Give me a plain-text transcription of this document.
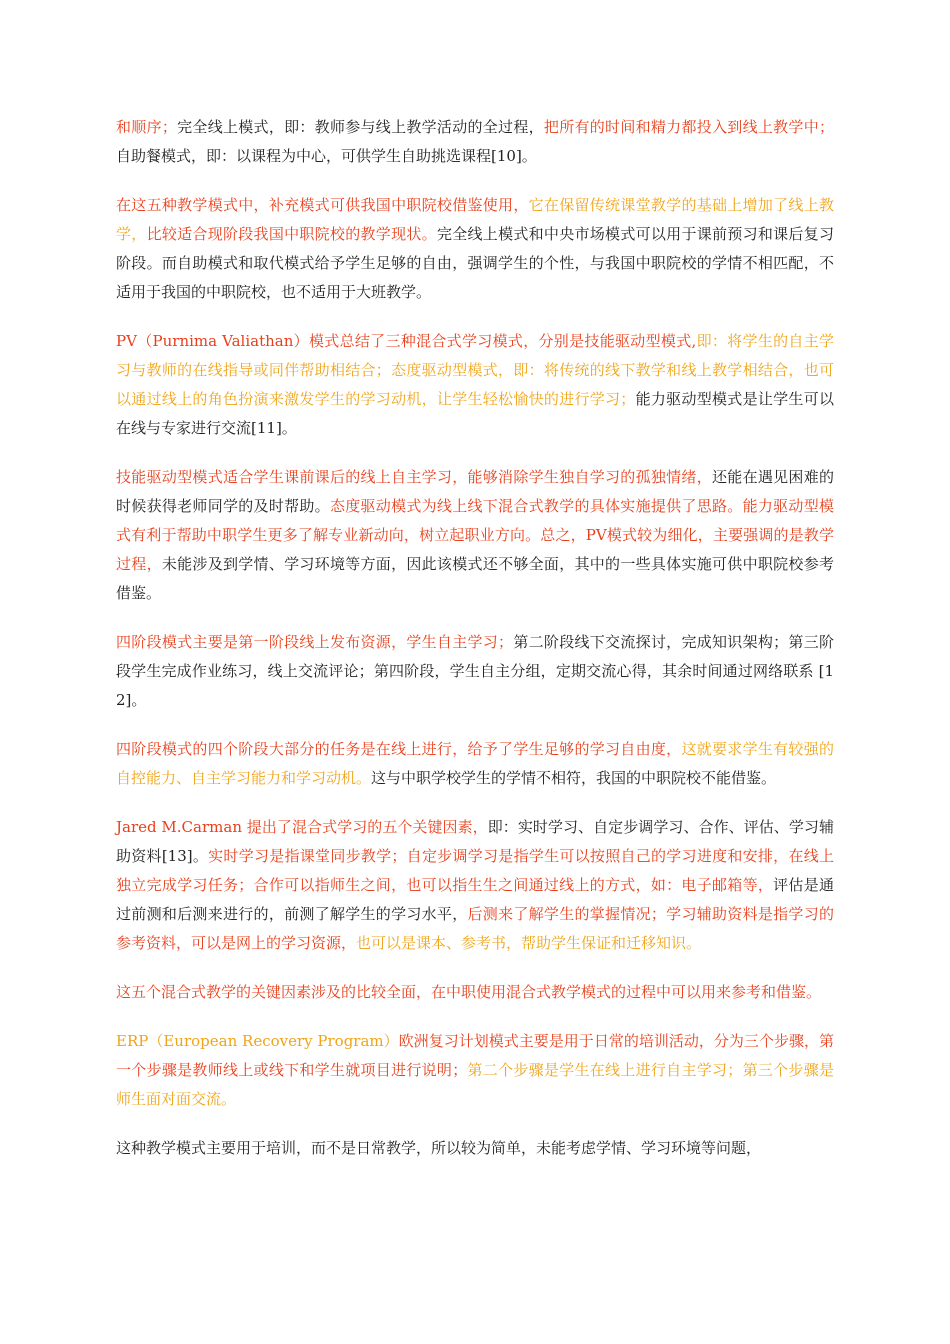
和顺序；完全线上模式，即：教师参与线上教学活动的全过程，把所有的时间和精力都投入到线上教学中；自助餐模式，即：以课程为中心，可供学生自助挑选课程[10]。

在这五种教学模式中，补充模式可供我国中职院校借鉴使用，它在保留传统课堂教学的基础上增加了线上教学，比较适合现阶段我国中职院校的教学现状。完全线上模式和中央市场模式可以用于课前预习和课后复习阶段。而自助模式和取代模式给予学生足够的自由，强调学生的个性，与我国中职院校的学情不相匹配，不适用于我国的中职院校，也不适用于大班教学。

PV（Purnima Valiathan）模式总结了三种混合式学习模式，分别是技能驱动型模式,即：将学生的自主学习与教师的在线指导或同伴帮助相结合；态度驱动型模式，即：将传统的线下教学和线上教学相结合，也可以通过线上的角色扮演来激发学生的学习动机，让学生轻松愉快的进行学习；能力驱动型模式是让学生可以在线与专家进行交流[11]。

技能驱动型模式适合学生课前课后的线上自主学习，能够消除学生独自学习的孤独情绪，还能在遇见困难的时候获得老师同学的及时帮助。态度驱动模式为线上线下混合式教学的具体实施提供了思路。能力驱动型模式有利于帮助中职学生更多了解专业新动向，树立起职业方向。总之，PV模式较为细化，主要强调的是教学过程，未能涉及到学情、学习环境等方面，因此该模式还不够全面，其中的一些具体实施可供中职院校参考借鉴。

四阶段模式主要是第一阶段线上发布资源，学生自主学习；第二阶段线下交流探讨，完成知识架构；第三阶段学生完成作业练习，线上交流评论；第四阶段，学生自主分组，定期交流心得，其余时间通过网络联系 [12]。

四阶段模式的四个阶段大部分的任务是在线上进行，给予了学生足够的学习自由度，这就要求学生有较强的自控能力、自主学习能力和学习动机。这与中职学校学生的学情不相符，我国的中职院校不能借鉴。

Jared M.Carman 提出了混合式学习的五个关键因素，即：实时学习、自定步调学习、合作、评估、学习辅助资料[13]。实时学习是指课堂同步教学；自定步调学习是指学生可以按照自己的学习进度和安排，在线上独立完成学习任务；合作可以指师生之间，也可以指生生之间通过线上的方式，如：电子邮箱等，评估是通过前测和后测来进行的，前测了解学生的学习水平，后测来了解学生的掌握情况；学习辅助资料是指学习的参考资料，可以是网上的学习资源，也可以是课本、参考书，帮助学生保证和迁移知识。

这五个混合式教学的关键因素涉及的比较全面，在中职使用混合式教学模式的过程中可以用来参考和借鉴。

ERP（European Recovery Program）欧洲复习计划模式主要是用于日常的培训活动，分为三个步骤，第一个步骤是教师线上或线下和学生就项目进行说明；第二个步骤是学生在线上进行自主学习；第三个步骤是师生面对面交流。

这种教学模式主要用于培训，而不是日常教学，所以较为简单，未能考虑学情、学习环境等问题，
